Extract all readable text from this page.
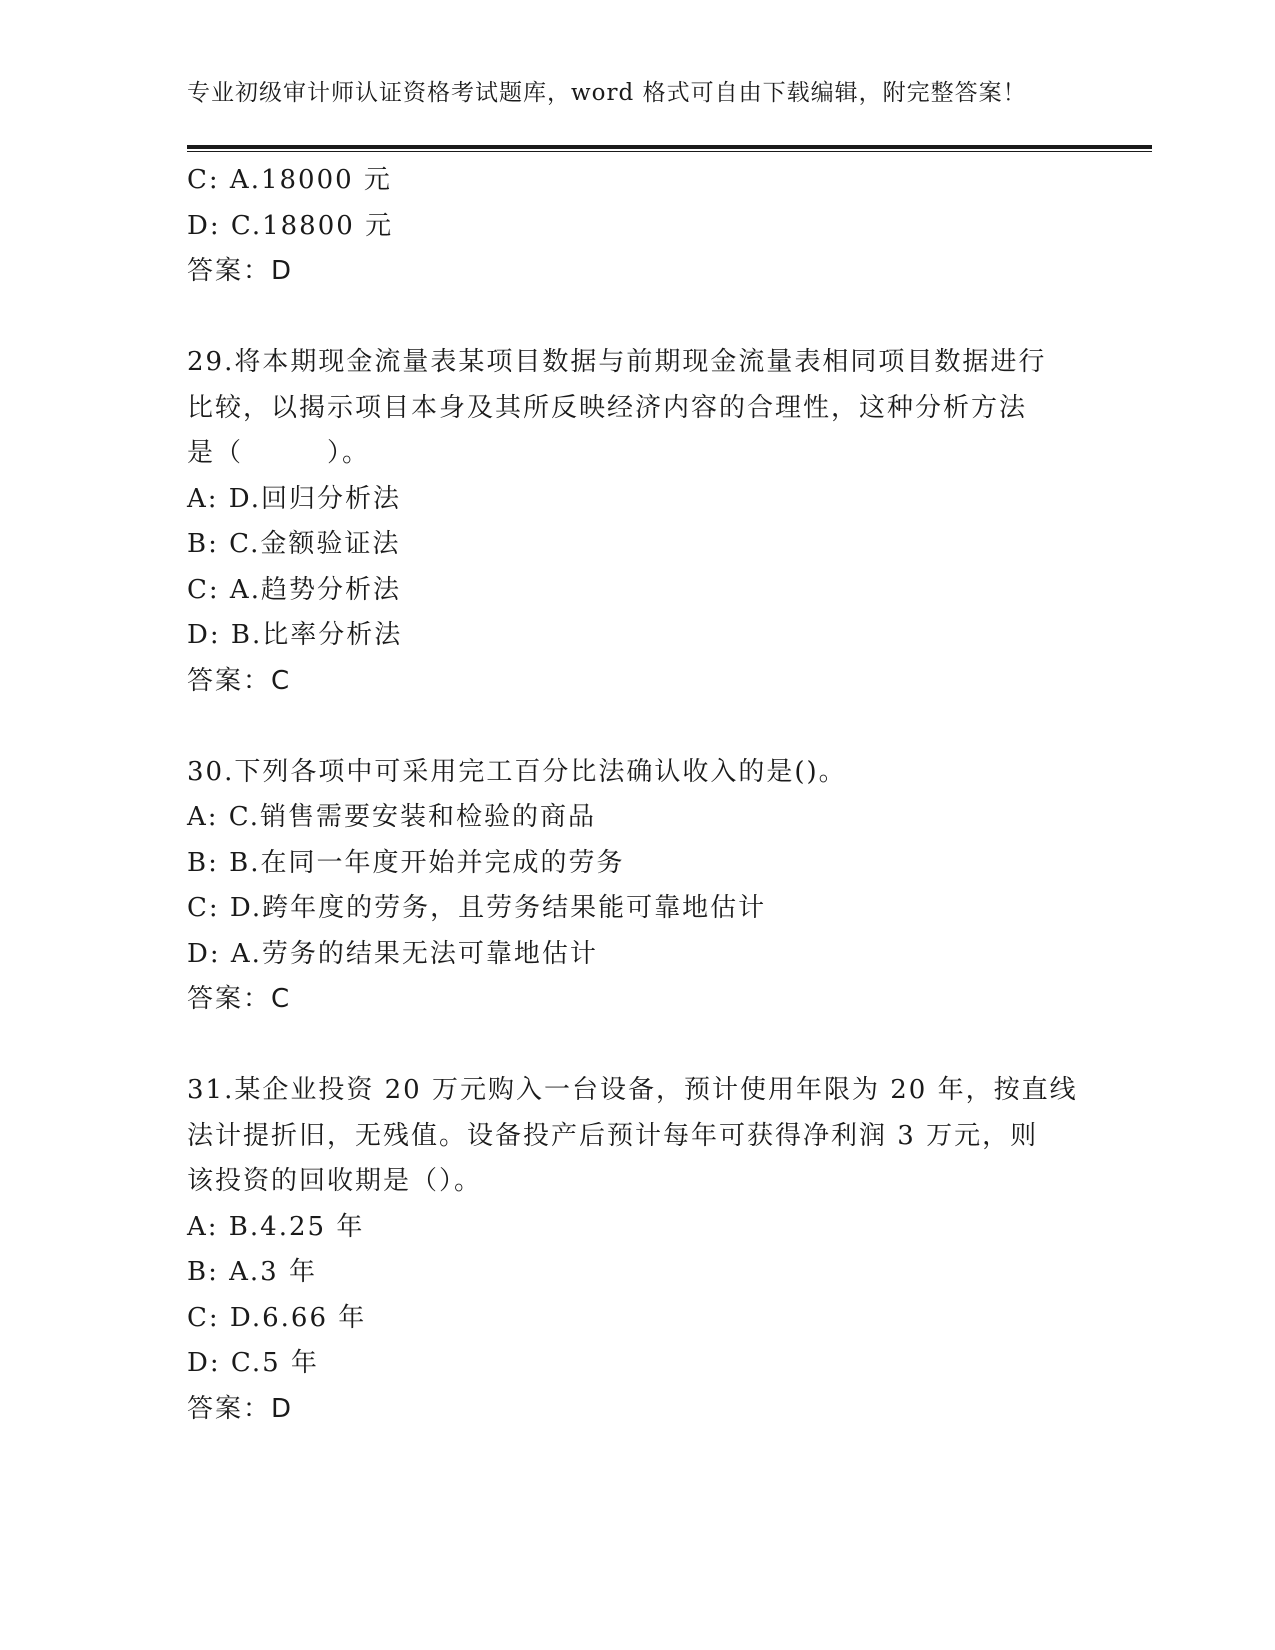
专业初级审计师认证资格考试题库，word 格式可自由下载编辑，附完整答案！
C: A.18000 元
D: C.18800 元
答案：D
29.将本期现金流量表某项目数据与前期现金流量表相同项目数据进行
比较，以揭示项目本身及其所反映经济内容的合理性，这种分析方法
是（　　　）。
A: D.回归分析法
B: C.金额验证法
C: A.趋势分析法
D: B.比率分析法
答案：C
30.下列各项中可采用完工百分比法确认收入的是()。
A: C.销售需要安装和检验的商品
B: B.在同一年度开始并完成的劳务
C: D.跨年度的劳务，且劳务结果能可靠地估计
D: A.劳务的结果无法可靠地估计
答案：C
31.某企业投资 20 万元购入一台设备，预计使用年限为 20 年，按直线
法计提折旧，无残值。设备投产后预计每年可获得净利润 3 万元，则
该投资的回收期是（）。
A: B.4.25 年
B: A.3 年
C: D.6.66 年
D: C.5 年
答案：D
